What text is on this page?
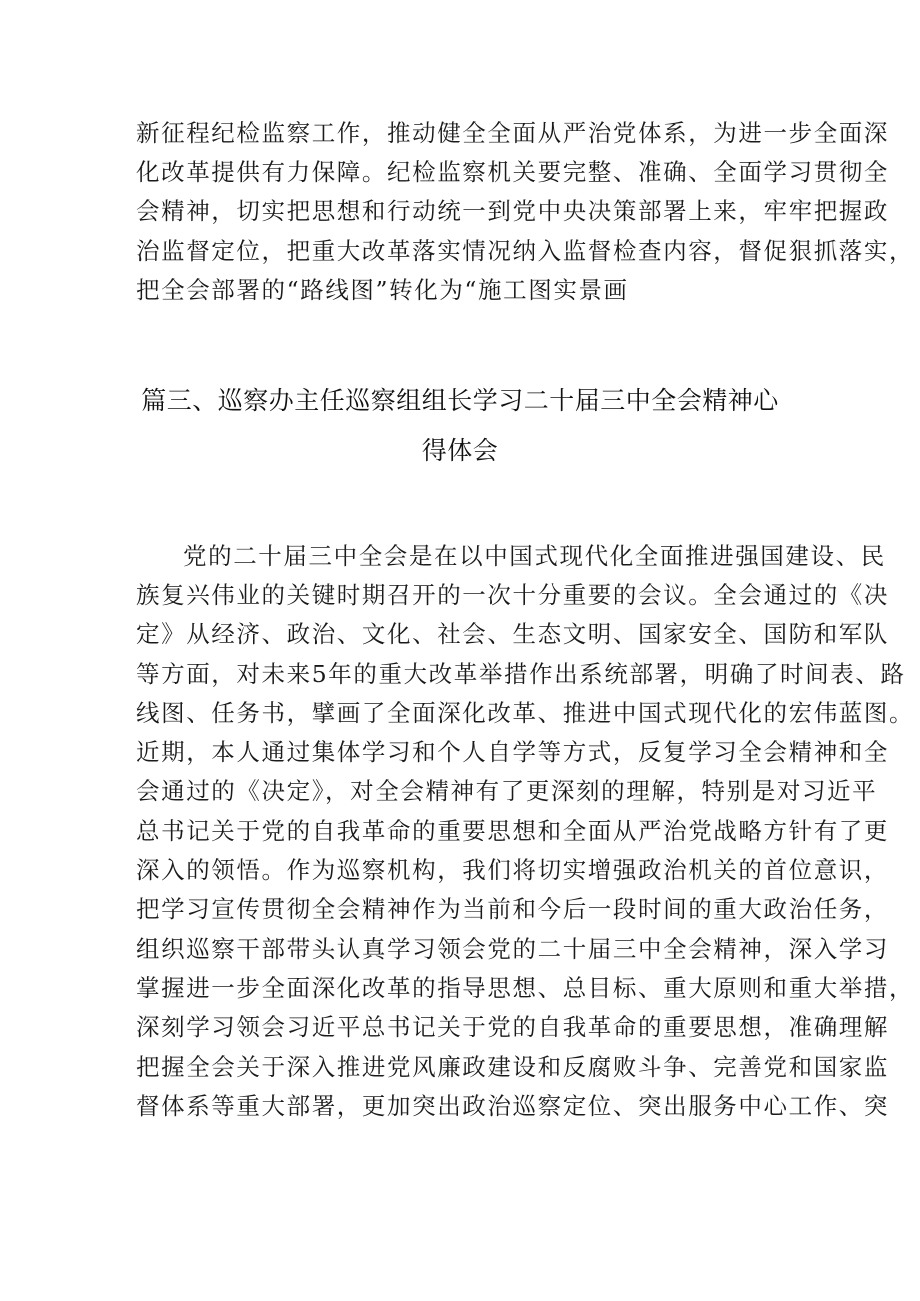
新征程纪检监察工作，推动健全全面从严治党体系，为进一步全面深
化改革提供有力保障。纪检监察机关要完整、准确、全面学习贯彻全
会精神，切实把思想和行动统一到党中央决策部署上来，牢牢把握政
治监督定位，把重大改革落实情况纳入监督检查内容，督促狠抓落实，
把全会部署的“路线图”转化为“施工图实景画
篇三、巡察办主任巡察组组长学习二十届三中全会精神心
得体会
党的二十届三中全会是在以中国式现代化全面推进强国建设、民
族复兴伟业的关键时期召开的一次十分重要的会议。全会通过的《决
定》从经济、政治、文化、社会、生态文明、国家安全、国防和军队
等方面，对未来5年的重大改革举措作出系统部署，明确了时间表、路
线图、任务书，擘画了全面深化改革、推进中国式现代化的宏伟蓝图。
近期，本人通过集体学习和个人自学等方式，反复学习全会精神和全
会通过的《决定》，对全会精神有了更深刻的理解，特别是对习近平
总书记关于党的自我革命的重要思想和全面从严治党战略方针有了更
深入的领悟。作为巡察机构，我们将切实增强政治机关的首位意识，
把学习宣传贯彻全会精神作为当前和今后一段时间的重大政治任务，
组织巡察干部带头认真学习领会党的二十届三中全会精神，深入学习
掌握进一步全面深化改革的指导思想、总目标、重大原则和重大举措，
深刻学习领会习近平总书记关于党的自我革命的重要思想，准确理解
把握全会关于深入推进党风廉政建设和反腐败斗争、完善党和国家监
督体系等重大部署，更加突出政治巡察定位、突出服务中心工作、突
